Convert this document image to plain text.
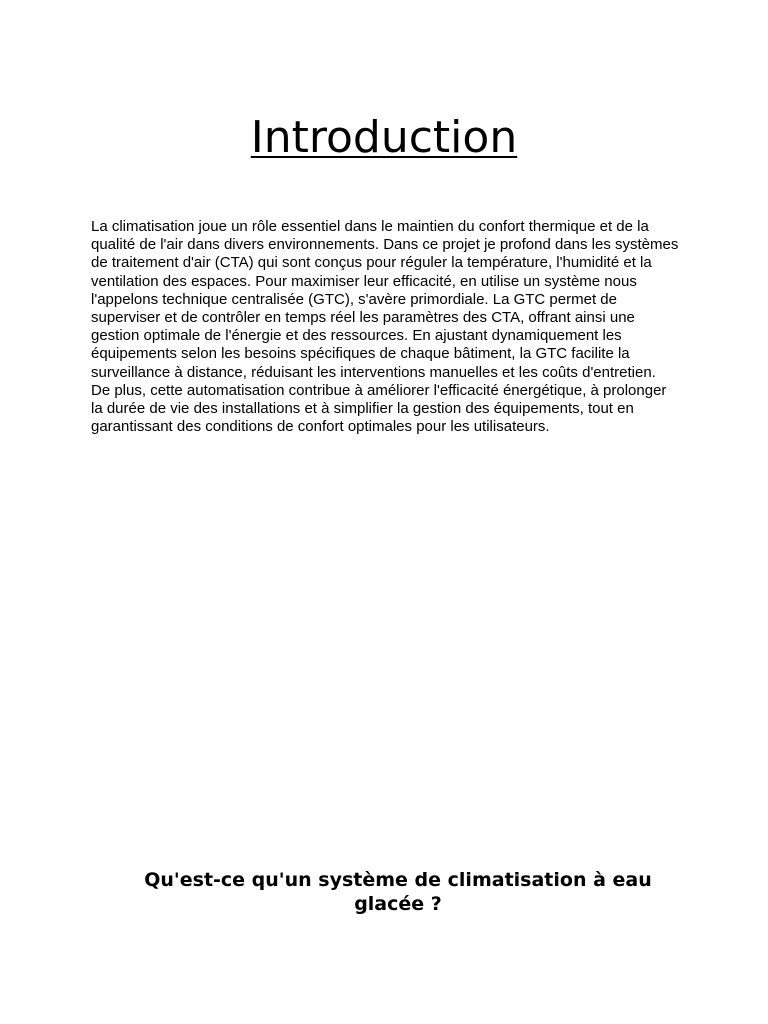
Introduction

La climatisation joue un rôle essentiel dans le maintien du confort thermique et de la qualité de l'air dans divers environnements. Dans ce projet je profond dans les systèmes de traitement d'air (CTA) qui sont conçus pour réguler la température, l'humidité et la ventilation des espaces. Pour maximiser leur efficacité, en utilise un système nous l'appelons technique centralisée (GTC), s'avère primordiale. La GTC permet de superviser et de contrôler en temps réel les paramètres des CTA, offrant ainsi une gestion optimale de l'énergie et des ressources. En ajustant dynamiquement les équipements selon les besoins spécifiques de chaque bâtiment, la GTC facilite la surveillance à distance, réduisant les interventions manuelles et les coûts d'entretien. De plus, cette automatisation contribue à améliorer l'efficacité énergétique, à prolonger la durée de vie des installations et à simplifier la gestion des équipements, tout en garantissant des conditions de confort optimales pour les utilisateurs.

Qu'est-ce qu'un système de climatisation à eau glacée ?
